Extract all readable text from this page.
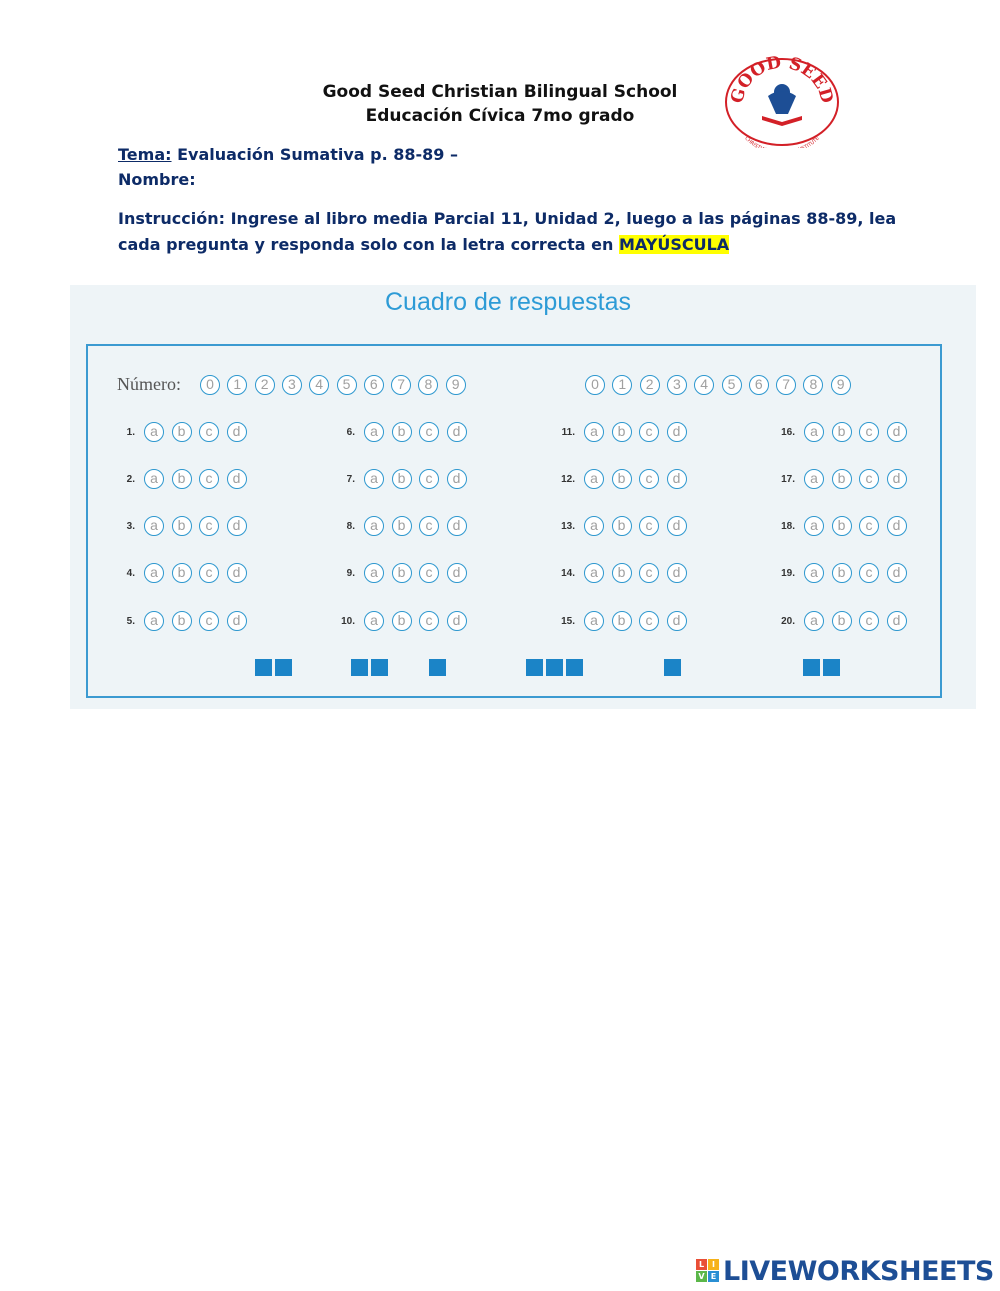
Good Seed Christian Bilingual School
Educación Cívica 7mo grado
GOOD SEED
CHRIST TITUTE
Tema: Evaluación Sumativa p. 88-89 –
Nombre:
Instrucción: Ingrese al libro media Parcial 11, Unidad 2, luego a las páginas 88-89, lea cada pregunta y responda solo con la letra correcta en MAYÚSCULA
Cuadro de respuestas
Número:	0	1	2	3	4	5	6	7	8	9	0	1	2	3	4	5	6	7	8	9
1.	a	b	c	d
2.	a	b	c	d
3.	a	b	c	d
4.	a	b	c	d
5.	a	b	c	d
6.	a	b	c	d
7.	a	b	c	d
8.	a	b	c	d
9.	a	b	c	d
10.	a	b	c	d
11.	a	b	c	d
12.	a	b	c	d
13.	a	b	c	d
14.	a	b	c	d
15.	a	b	c	d
16.	a	b	c	d
17.	a	b	c	d
18.	a	b	c	d
19.	a	b	c	d
20.	a	b	c	d
L I
V E LIVEWORKSHEETS
